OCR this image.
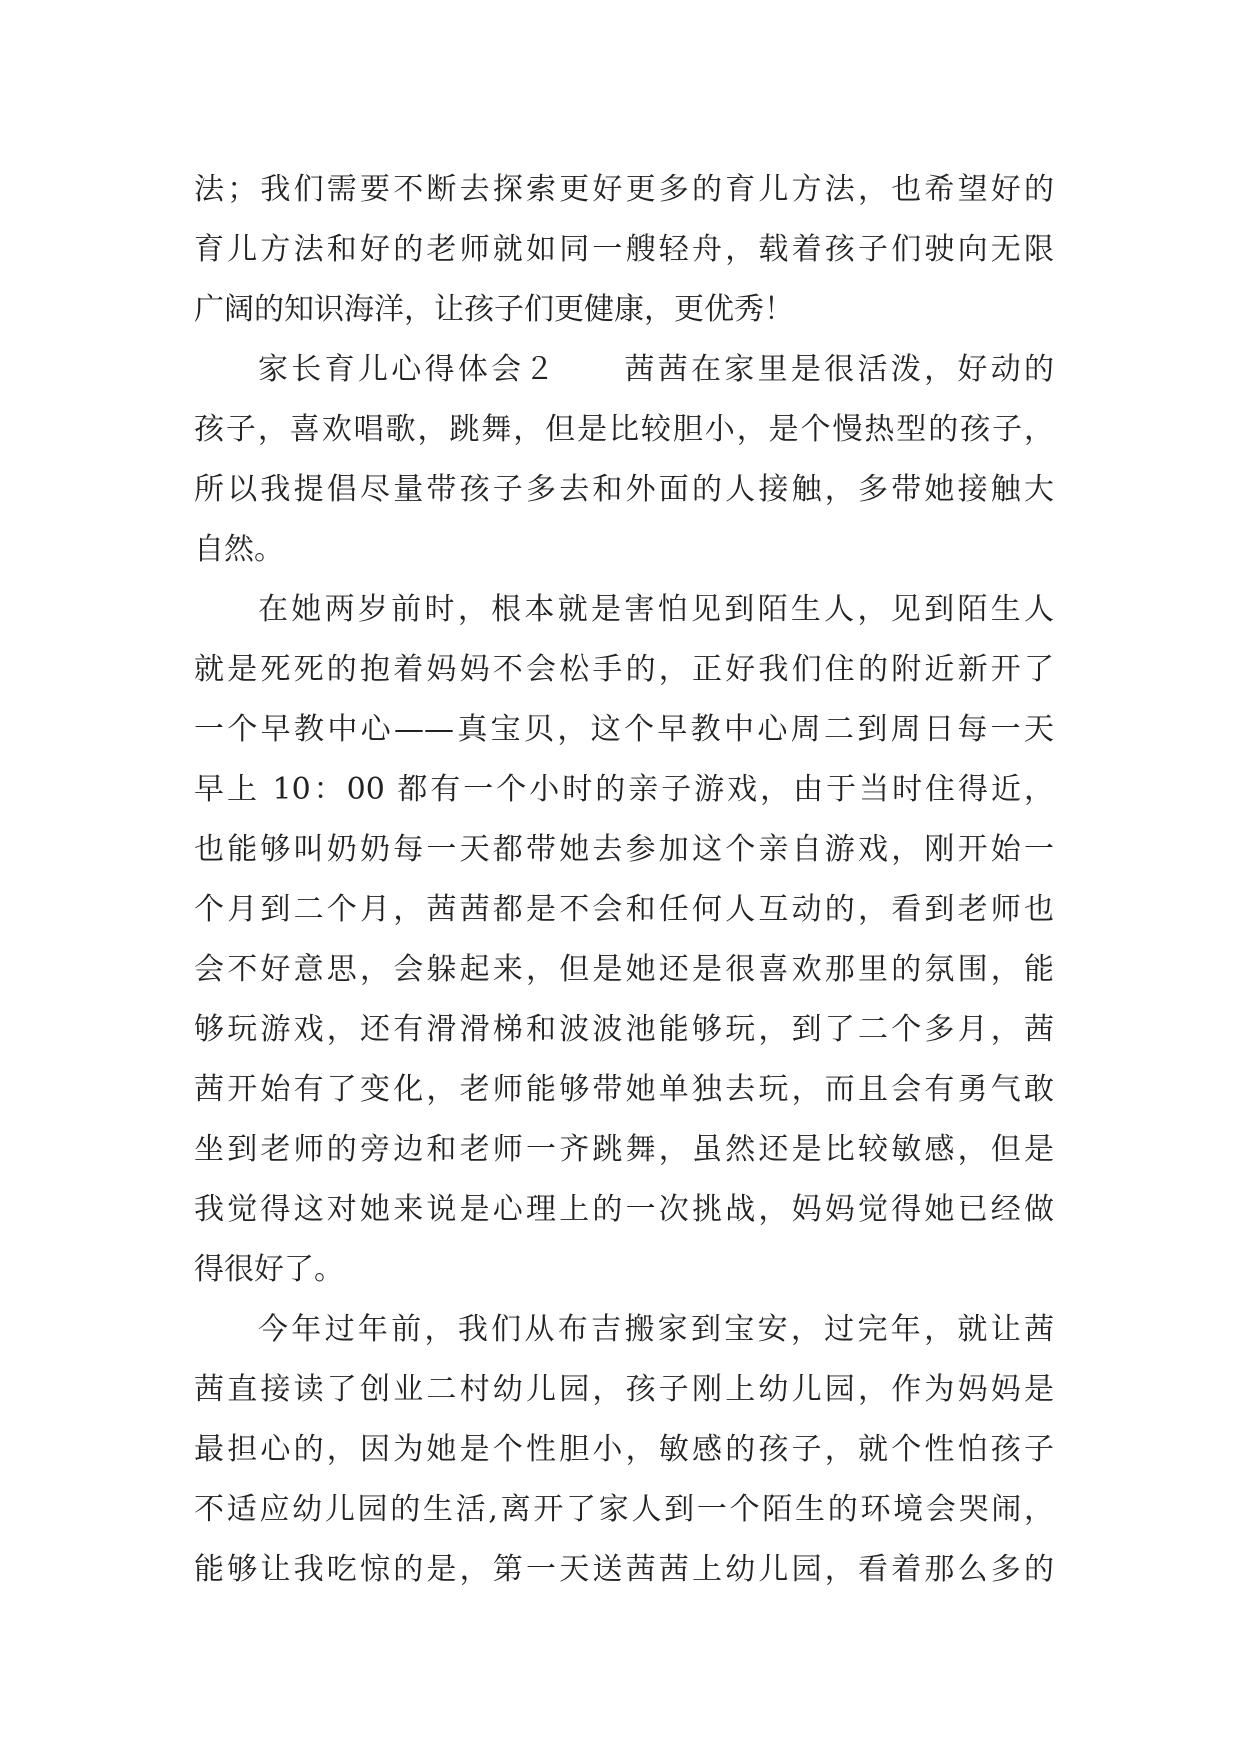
法；我们需要不断去探索更好更多的育儿方法，也希望好的
育儿方法和好的老师就如同一艘轻舟，载着孩子们驶向无限
广阔的知识海洋，让孩子们更健康，更优秀！
家长育儿心得体会２　　茜茜在家里是很活泼，好动的
孩子，喜欢唱歌，跳舞，但是比较胆小，是个慢热型的孩子，
所以我提倡尽量带孩子多去和外面的人接触，多带她接触大
自然。
在她两岁前时，根本就是害怕见到陌生人，见到陌生人
就是死死的抱着妈妈不会松手的，正好我们住的附近新开了
一个早教中心——真宝贝，这个早教中心周二到周日每一天
早上 10：00 都有一个小时的亲子游戏，由于当时住得近，
也能够叫奶奶每一天都带她去参加这个亲自游戏，刚开始一
个月到二个月，茜茜都是不会和任何人互动的，看到老师也
会不好意思，会躲起来，但是她还是很喜欢那里的氛围，能
够玩游戏，还有滑滑梯和波波池能够玩，到了二个多月，茜
茜开始有了变化，老师能够带她单独去玩，而且会有勇气敢
坐到老师的旁边和老师一齐跳舞，虽然还是比较敏感，但是
我觉得这对她来说是心理上的一次挑战，妈妈觉得她已经做
得很好了。
今年过年前，我们从布吉搬家到宝安，过完年，就让茜
茜直接读了创业二村幼儿园，孩子刚上幼儿园，作为妈妈是
最担心的，因为她是个性胆小，敏感的孩子，就个性怕孩子
不适应幼儿园的生活,离开了家人到一个陌生的环境会哭闹，
能够让我吃惊的是，第一天送茜茜上幼儿园，看着那么多的
